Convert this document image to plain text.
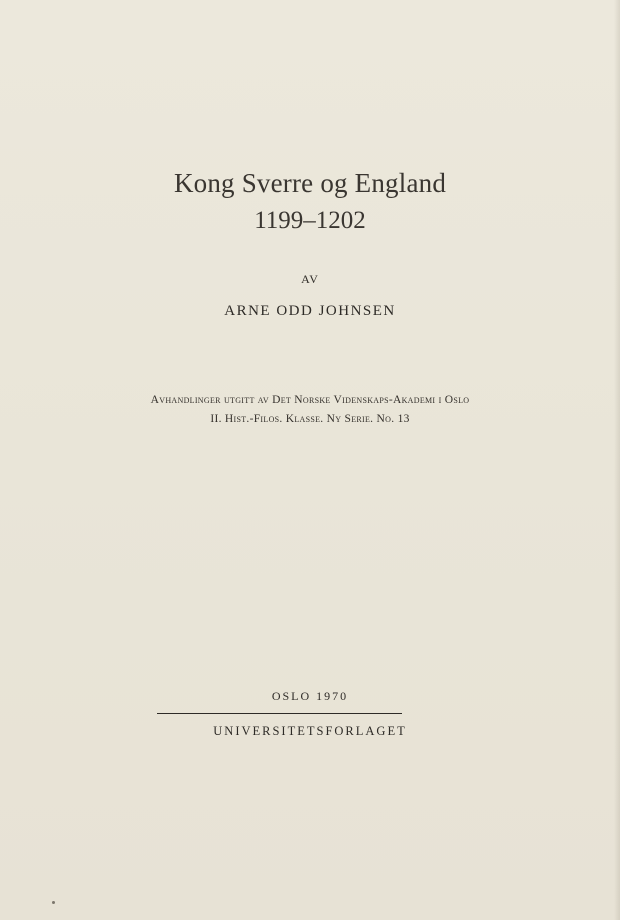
Kong Sverre og England
1199–1202

AV

ARNE ODD JOHNSEN

Avhandlinger utgitt av Det Norske Videnskaps-Akademi i Oslo

II. Hist.-Filos. Klasse. Ny Serie. No. 13

OSLO 1970

UNIVERSITETSFORLAGET
